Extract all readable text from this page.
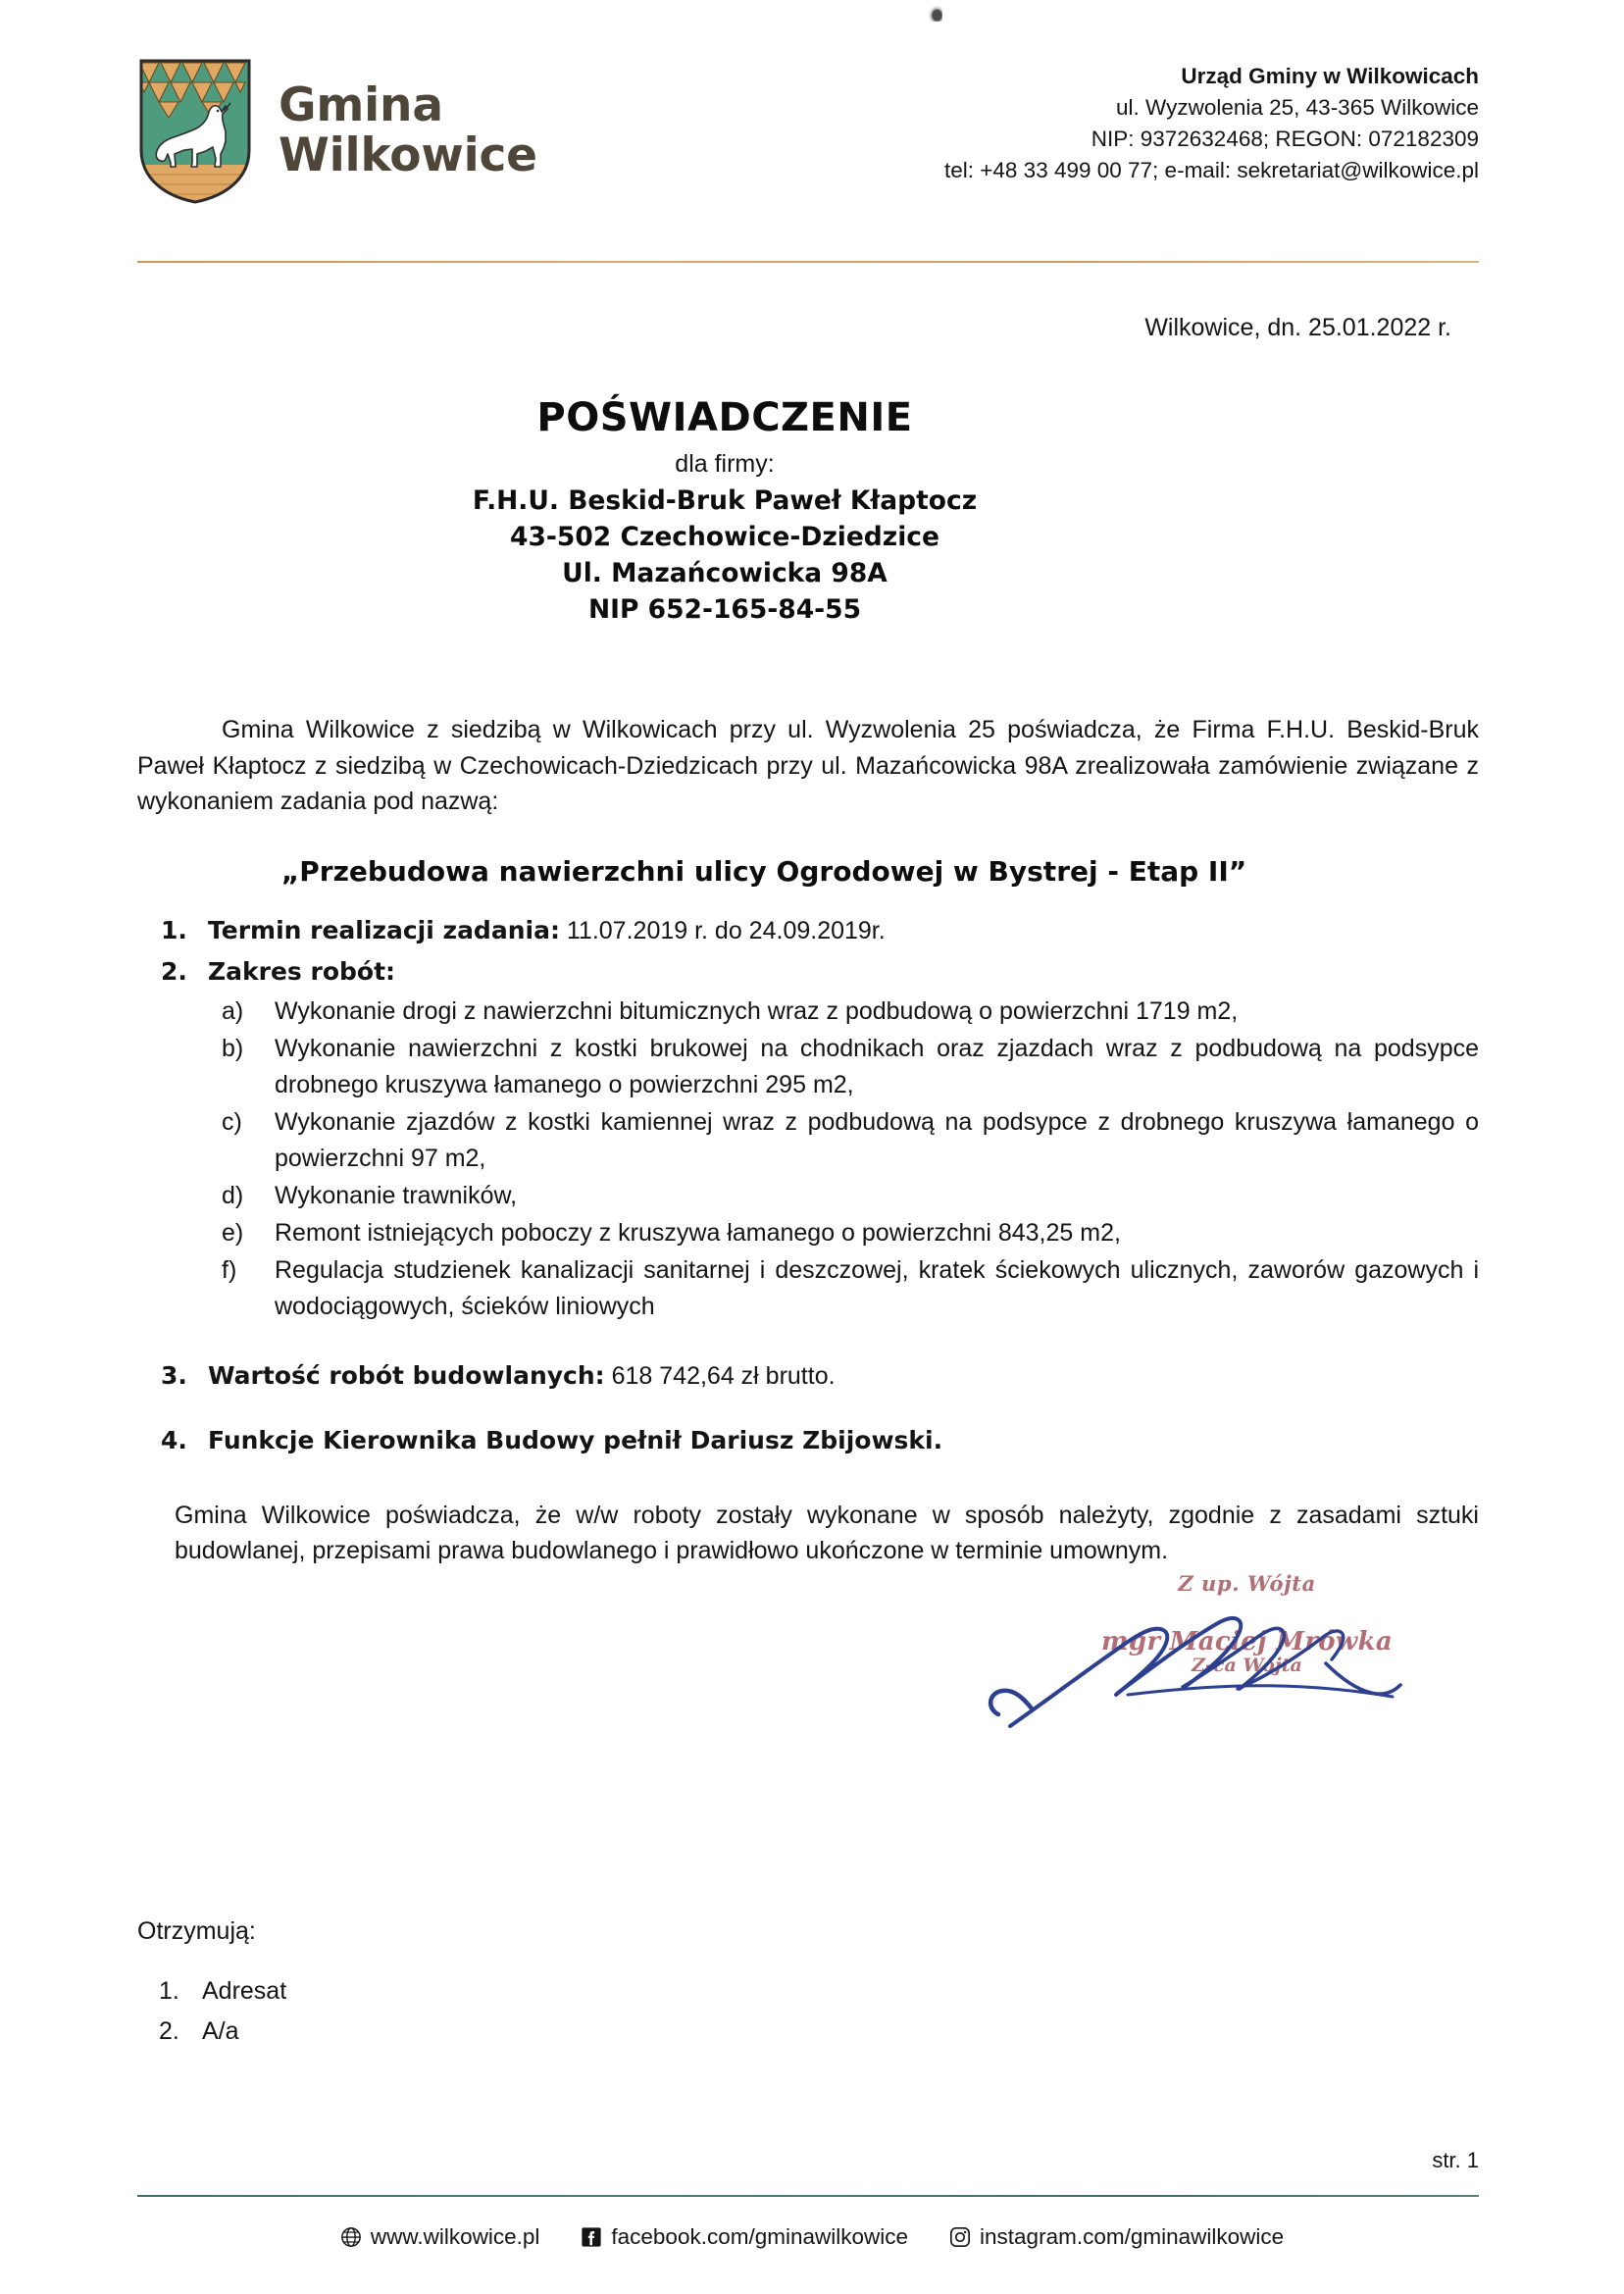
Gmina
Wilkowice
Urząd Gminy w Wilkowicach
ul. Wyzwolenia 25, 43-365 Wilkowice
NIP: 9372632468; REGON: 072182309
tel: +48 33 499 00 77; e-mail: sekretariat@wilkowice.pl
Wilkowice, dn. 25.01.2022 r.
POŚWIADCZENIE
dla firmy:
F.H.U. Beskid-Bruk Paweł Kłaptocz
43-502 Czechowice-Dziedzice
Ul. Mazańcowicka 98A
NIP 652-165-84-55

Gmina Wilkowice z siedzibą w Wilkowicach przy ul. Wyzwolenia 25 poświadcza, że Firma F.H.U. Beskid-Bruk Paweł Kłaptocz z siedzibą w Czechowicach-Dziedzicach przy ul. Mazańcowicka 98A zrealizowała zamówienie związane z wykonaniem zadania pod nazwą:

„Przebudowa nawierzchni ulicy Ogrodowej w Bystrej - Etap II”
1. Termin realizacji zadania: 11.07.2019 r. do 24.09.2019r.
2. Zakres robót:
a) Wykonanie drogi z nawierzchni bitumicznych wraz z podbudową o powierzchni 1719 m2,
b) Wykonanie nawierzchni z kostki brukowej na chodnikach oraz zjazdach wraz z podbudową na podsypce drobnego kruszywa łamanego o powierzchni 295 m2,
c) Wykonanie zjazdów z kostki kamiennej wraz z podbudową na podsypce z drobnego kruszywa łamanego o powierzchni 97 m2,
d) Wykonanie trawników,
e) Remont istniejących poboczy z kruszywa łamanego o powierzchni 843,25 m2,
f) Regulacja studzienek kanalizacji sanitarnej i deszczowej, kratek ściekowych ulicznych, zaworów gazowych i wodociągowych, ścieków liniowych
3. Wartość robót budowlanych: 618 742,64 zł brutto.
4. Funkcje Kierownika Budowy pełnił Dariusz Zbijowski.

Gmina Wilkowice poświadcza, że w/w roboty zostały wykonane w sposób należyty, zgodnie z zasadami sztuki budowlanej, przepisami prawa budowlanego i prawidłowo ukończone w terminie umownym.

Z up. Wójta
mgr Maciej Mrówka
Z-ca Wójta
Otrzymują:
1. Adresat
2. A/a
str. 1
www.wilkowice.pl	facebook.com/gminawilkowice	instagram.com/gminawilkowice
